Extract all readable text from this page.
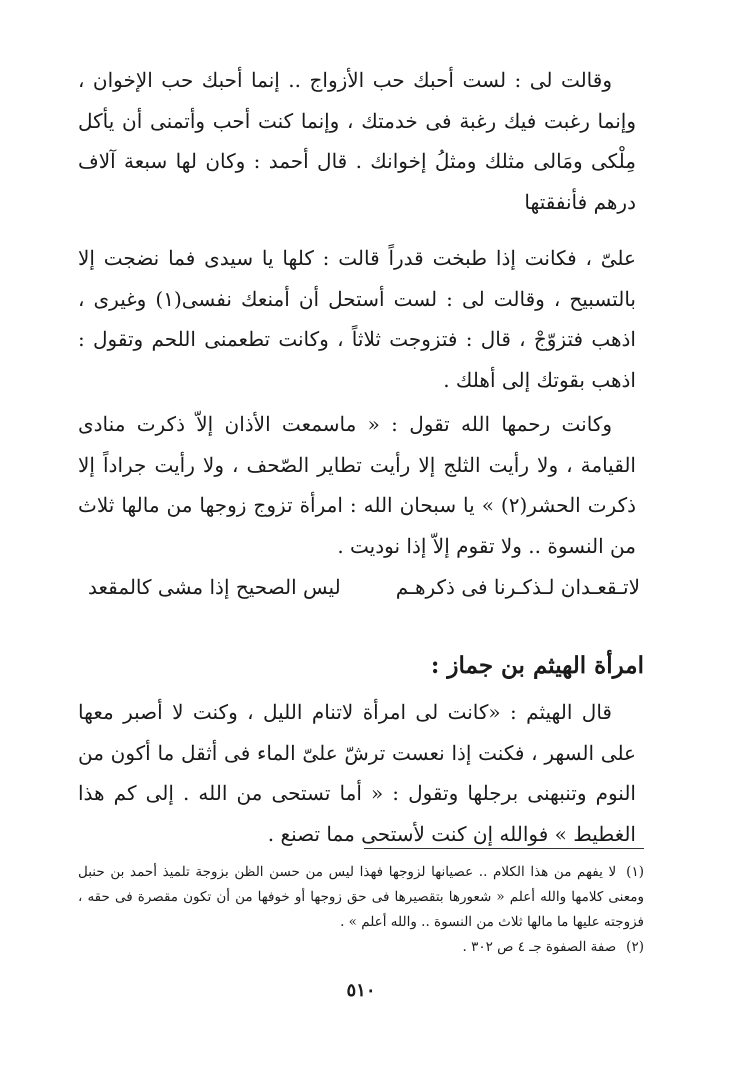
وقالت لى : لست أحبك حب الأزواج .. إنما أحبك حب الإخوان ، وإنما رغبت فيك رغبة فى خدمتك ، وإنما كنت أحب وأتمنى أن يأكل مِلْكى ومَالى مثلك ومثلُ إخوانك . قال أحمد : وكان لها سبعة آلاف درهم فأنفقتها

علىّ ، فكانت إذا طبخت قدراً قالت : كلها يا سيدى فما نضجت إلا بالتسبيح ، وقالت لى : لست أستحل أن أمنعك نفسى(١) وغيرى ، اذهب فتزوّجْ ، قال : فتزوجت ثلاثاً ، وكانت تطعمنى اللحم وتقول : اذهب بقوتك إلى أهلك .

وكانت رحمها الله تقول : « ماسمعت الأذان إلاّ ذكرت منادى القيامة ، ولا رأيت الثلج إلا رأيت تطاير الصّحف ، ولا رأيت جراداً إلا ذكرت الحشر(٢) » يا سبحان الله : امرأة تزوج زوجها من مالها ثلاث من النسوة .. ولا تقوم إلاّ إذا نوديت .

لاتـقعـدان لـذكـرنا فى ذكرهـم
ليس الصحيح إذا مشى كالمقعد
امرأة الهيثم بن جماز :

قال الهيثم : «كانت لى امرأة لاتنام الليل ، وكنت لا أصبر معها على السهر ، فكنت إذا نعست ترشّ علىّ الماء فى أثقل ما أكون من النوم وتنبهنى برجلها وتقول : « أما تستحى من الله . إلى كم هذا الغطيط » فوالله إن كنت لأستحى مما تصنع .

(١)لا يفهم من هذا الكلام .. عصيانها لزوجها فهذا ليس من حسن الظن بزوجة تلميذ أحمد بن حنبل ومعنى كلامها والله أعلم « شعورها بتقصيرها فى حق زوجها أو خوفها من أن تكون مقصرة فى حقه ، فزوجته عليها ما مالها ثلاث من النسوة .. والله أعلم » .

(٢)صفة الصفوة جـ ٤ ص ٣٠٢ .

٥١٠
